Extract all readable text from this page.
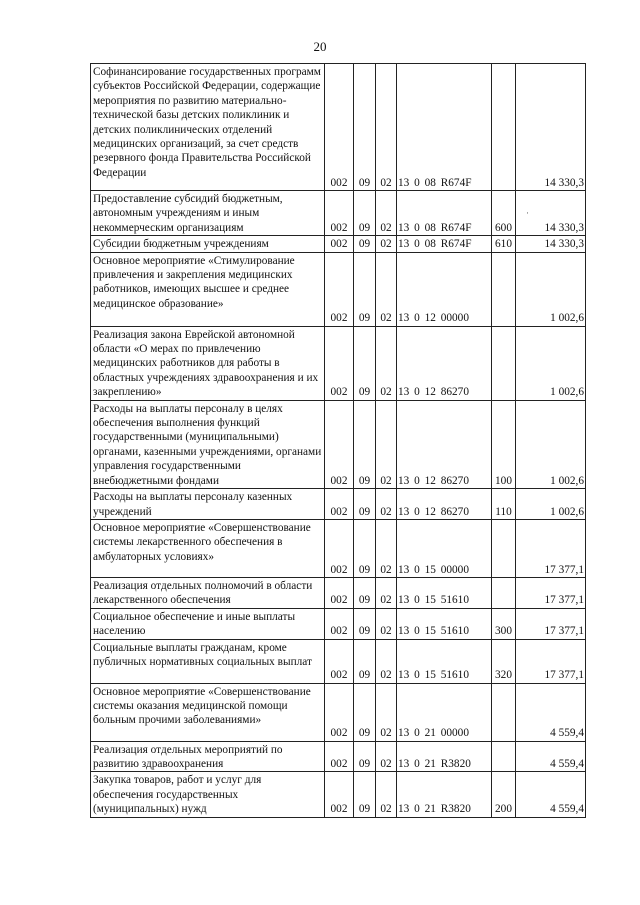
20
·
Софинансирование государственных программ субъектов Российской Федерации, содержащие мероприятия по развитию материально-технической базы детских поликлиник и детских поликлинических отделений медицинских организаций, за счет средств резервного фонда Правительства Российской Федерации	002	09	02	13 0 08 R674F		14 330,3
Предоставление субсидий бюджетным, автономным учреждениям и иным некоммерческим организациям	002	09	02	13 0 08 R674F	600	14 330,3
Субсидии бюджетным учреждениям	002	09	02	13 0 08 R674F	610	14 330,3
Основное мероприятие «Стимулирование привлечения и закрепления медицинских работников, имеющих высшее и среднее медицинское образование»	002	09	02	13 0 12 00000		1 002,6
Реализация закона Еврейской автономной области «О мерах по привлечению медицинских работников для работы в областных учреждениях здравоохранения и их закреплению»	002	09	02	13 0 12 86270		1 002,6
Расходы на выплаты персоналу в целях обеспечения выполнения функций государственными (муниципальными) органами, казенными учреждениями, органами управления государственными внебюджетными фондами	002	09	02	13 0 12 86270	100	1 002,6
Расходы на выплаты персоналу казенных учреждений	002	09	02	13 0 12 86270	110	1 002,6
Основное мероприятие «Совершенствование системы лекарственного обеспечения в амбулаторных условиях»	002	09	02	13 0 15 00000		17 377,1
Реализация отдельных полномочий в области лекарственного обеспечения	002	09	02	13 0 15 51610		17 377,1
Социальное обеспечение и иные выплаты населению	002	09	02	13 0 15 51610	300	17 377,1
Социальные выплаты гражданам, кроме публичных нормативных социальных выплат	002	09	02	13 0 15 51610	320	17 377,1
Основное мероприятие «Совершенствование системы оказания медицинской помощи больным прочими заболеваниями»	002	09	02	13 0 21 00000		4 559,4
Реализация отдельных мероприятий по развитию здравоохранения	002	09	02	13 0 21 R3820		4 559,4
Закупка товаров, работ и услуг для обеспечения государственных (муниципальных) нужд	002	09	02	13 0 21 R3820	200	4 559,4
